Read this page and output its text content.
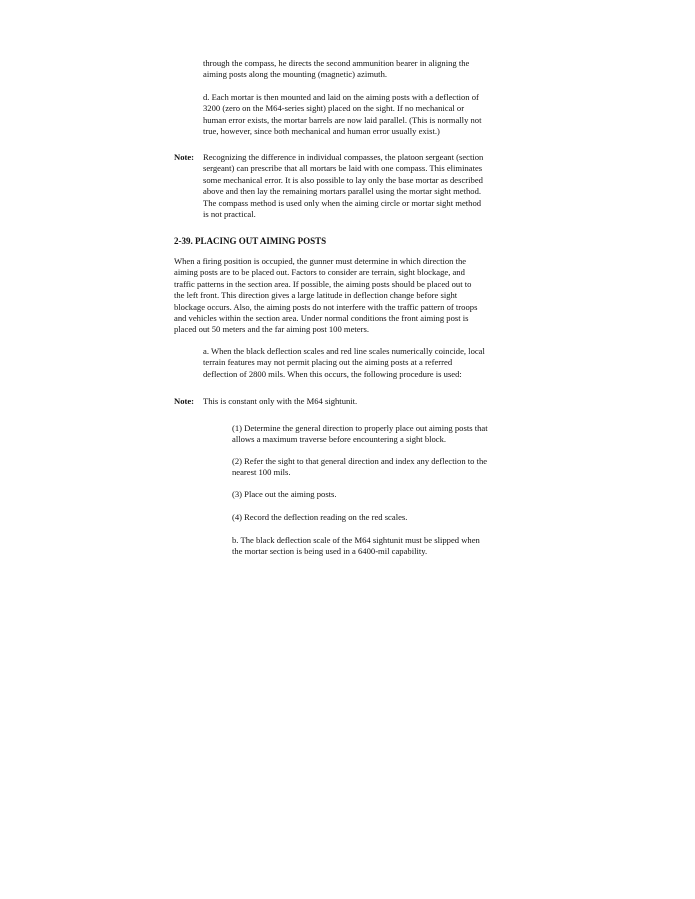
through the compass, he directs the second ammunition bearer in aligning the
aiming posts along the mounting (magnetic) azimuth.

d. Each mortar is then mounted and laid on the aiming posts with a deflection of
3200 (zero on the M64-series sight) placed on the sight. If no mechanical or
human error exists, the mortar barrels are now laid parallel. (This is normally not
true, however, since both mechanical and human error usually exist.)

Note: Recognizing the difference in individual compasses, the platoon sergeant (section
sergeant) can prescribe that all mortars be laid with one compass. This eliminates
some mechanical error. It is also possible to lay only the base mortar as described
above and then lay the remaining mortars parallel using the mortar sight method.
The compass method is used only when the aiming circle or mortar sight method
is not practical.

2-39. PLACING OUT AIMING POSTS

When a firing position is occupied, the gunner must determine in which direction the
aiming posts are to be placed out. Factors to consider are terrain, sight blockage, and
traffic patterns in the section area. If possible, the aiming posts should be placed out to
the left front. This direction gives a large latitude in deflection change before sight
blockage occurs. Also, the aiming posts do not interfere with the traffic pattern of troops
and vehicles within the section area. Under normal conditions the front aiming post is
placed out 50 meters and the far aiming post 100 meters.

a. When the black deflection scales and red line scales numerically coincide, local
terrain features may not permit placing out the aiming posts at a referred
deflection of 2800 mils. When this occurs, the following procedure is used:

Note: This is constant only with the M64 sightunit.

(1) Determine the general direction to properly place out aiming posts that
allows a maximum traverse before encountering a sight block.

(2) Refer the sight to that general direction and index any deflection to the
nearest 100 mils.

(3) Place out the aiming posts.

(4) Record the deflection reading on the red scales.

b. The black deflection scale of the M64 sightunit must be slipped when
the mortar section is being used in a 6400-mil capability.
